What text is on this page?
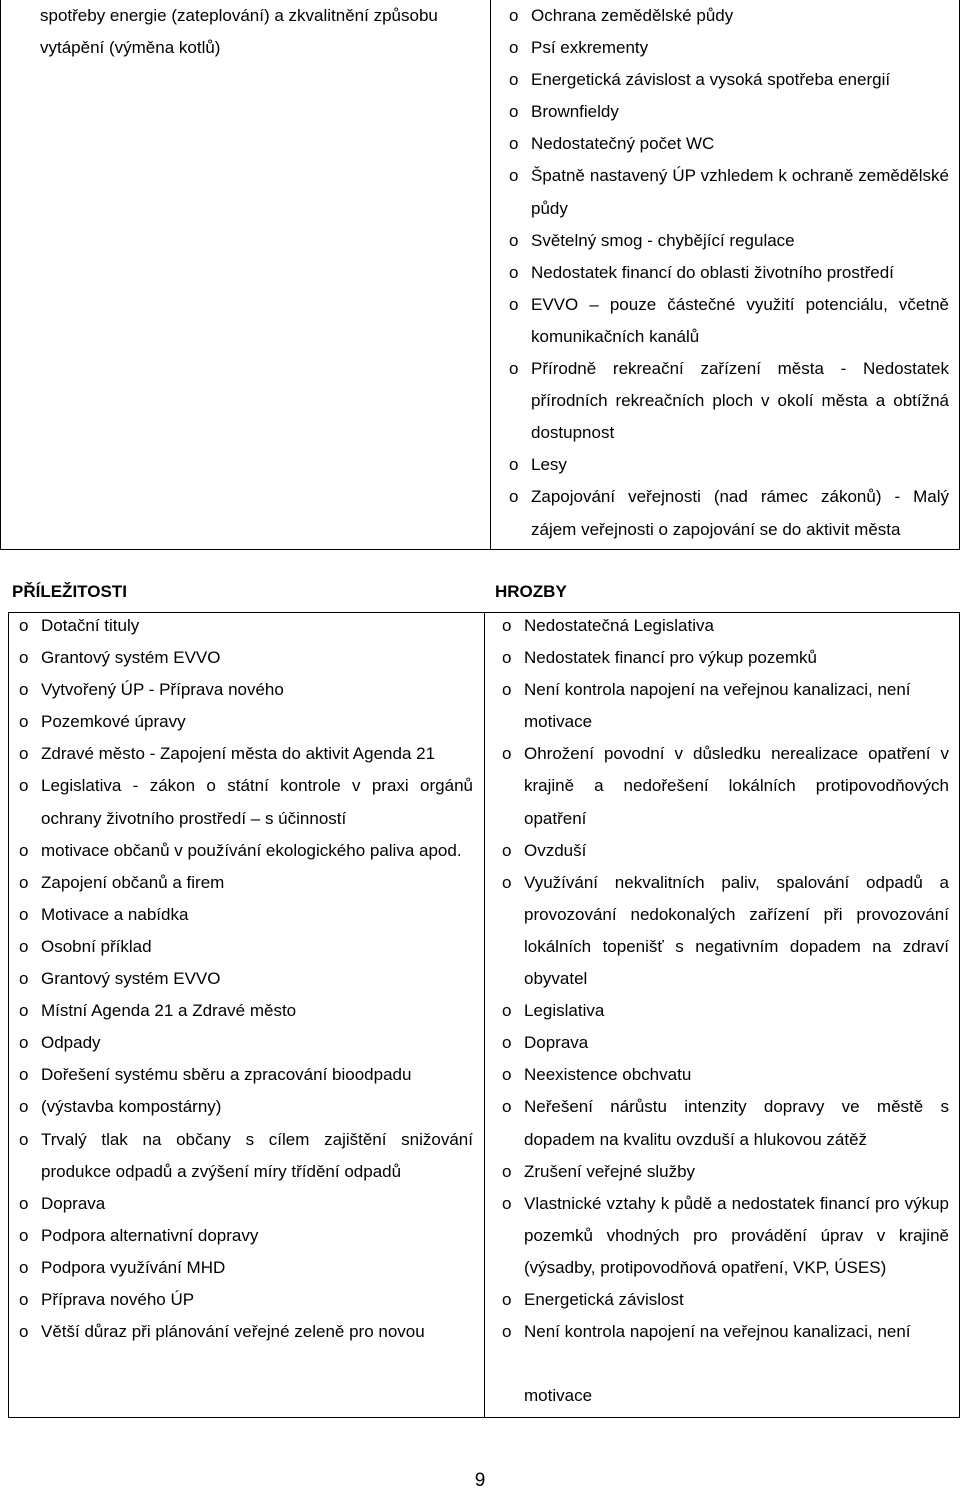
spotřeby energie (zateplování) a zkvalitnění způsobu vytápění (výměna kotlů)
o Ochrana zemědělské půdy
o Psí exkrementy
o Energetická závislost a vysoká spotřeba energií
o Brownfieldy
o Nedostatečný počet WC
o Špatně nastavený ÚP vzhledem k ochraně zemědělské půdy
o Světelný smog - chybějící regulace
o Nedostatek financí do oblasti životního prostředí
o EVVO – pouze částečné využití potenciálu, včetně komunikačních kanálů
o Přírodně rekreační zařízení města - Nedostatek přírodních rekreačních ploch v okolí města a obtížná dostupnost
o Lesy
o Zapojování veřejnosti (nad rámec zákonů) - Malý zájem veřejnosti o zapojování se do aktivit města
PŘÍLEŽITOSTI	HROZBY
o Dotační tituly
o Grantový systém EVVO
o Vytvořený ÚP - Příprava nového
o Pozemkové úpravy
o Zdravé město - Zapojení města do aktivit Agenda 21
o Legislativa - zákon o státní kontrole v praxi orgánů ochrany životního prostředí – s účinností
o motivace občanů v používání ekologického paliva apod.
o Zapojení občanů a firem
o Motivace a nabídka
o Osobní příklad
o Grantový systém EVVO
o Místní Agenda 21 a Zdravé město
o Odpady
o Dořešení systému sběru a zpracování bioodpadu
o (výstavba kompostárny)
o Trvalý tlak na občany s cílem zajištění snižování produkce odpadů a zvýšení míry třídění odpadů
o Doprava
o Podpora alternativní dopravy
o Podpora využívání MHD
o Příprava nového ÚP
o Větší důraz při plánování veřejné zeleně pro novou
o Nedostatečná Legislativa
o Nedostatek financí pro výkup pozemků
o Není kontrola napojení na veřejnou kanalizaci, není
o Ohrožení povodní v důsledku nerealizace opatření v krajině a nedořešení lokálních protipovodňových opatření
o Ovzduší
o Využívání nekvalitních paliv, spalování odpadů a provozování nedokonalých zařízení při provozování lokálních topenišť s negativním dopadem na zdraví obyvatel
o Legislativa
o Doprava
o Neexistence obchvatu
o Neřešení nárůstu intenzity dopravy ve městě s dopadem na kvalitu ovzduší a hlukovou zátěž
o Zrušení veřejné služby
o Vlastnické vztahy k půdě a nedostatek financí pro výkup pozemků vhodných pro provádění úprav v krajině (výsadby, protipovodňová opatření, VKP, ÚSES)
o Energetická závislost
o Není kontrola napojení na veřejnou kanalizaci, není
motivace
motivace
9
